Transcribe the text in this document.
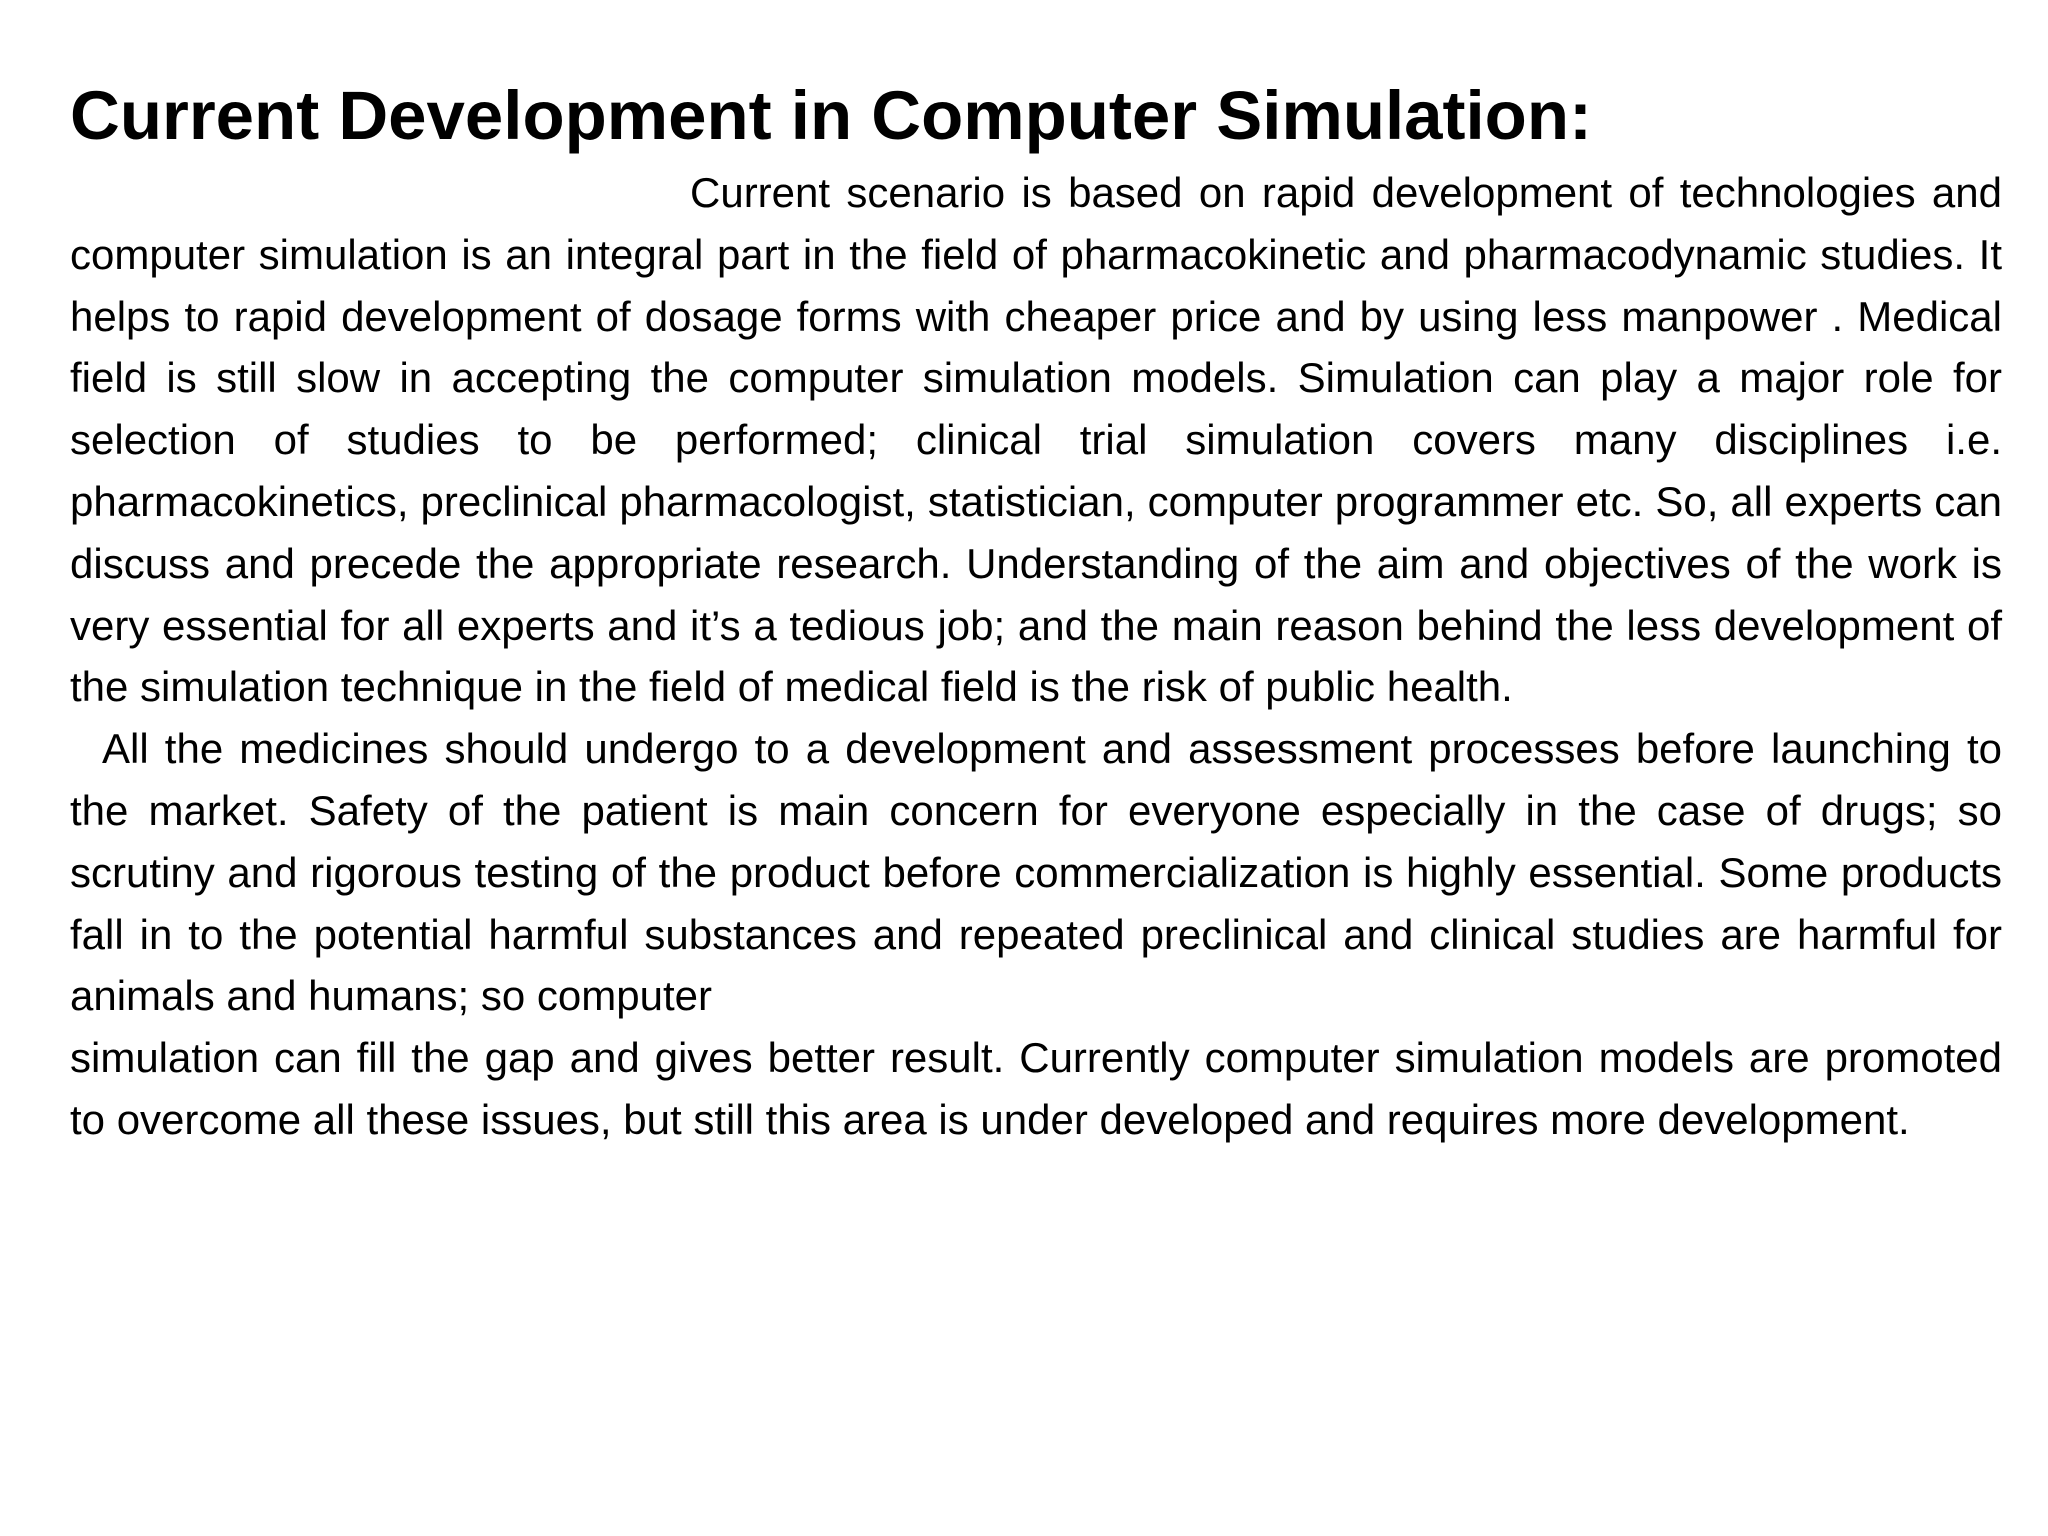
Current Development in Computer Simulation:

Current scenario is based on rapid development of technologies and computer simulation is an integral part in the field of pharmacokinetic and pharmacodynamic studies. It helps to rapid development of dosage forms with cheaper price and by using less manpower . Medical field is still slow in accepting the computer simulation models. Simulation can play a major role for selection of studies to be performed; clinical trial simulation covers many disciplines i.e. pharmacokinetics, preclinical pharmacologist, statistician, computer programmer etc. So, all experts can discuss and precede the appropriate research. Understanding of the aim and objectives of the work is very essential for all experts and it’s a tedious job; and the main reason behind the less development of the simulation technique in the field of medical field is the risk of public health.

All the medicines should undergo to a development and assessment processes before launching to the market. Safety of the patient is main concern for everyone especially in the case of drugs; so scrutiny and rigorous testing of the product before commercialization is highly essential. Some products fall in to the potential harmful substances and repeated preclinical and clinical studies are harmful for animals and humans; so computer

simulation can fill the gap and gives better result. Currently computer simulation models are promoted to overcome all these issues, but still this area is under developed and requires more development.
